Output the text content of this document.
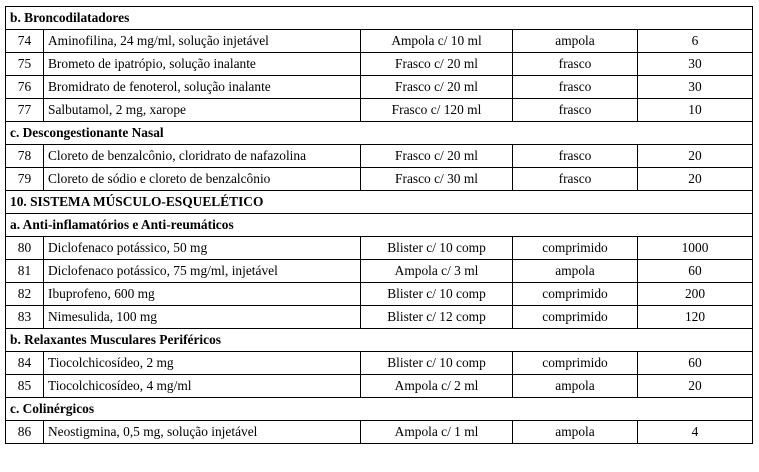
b. Broncodilatadores				
74	Aminofilina, 24 mg/ml, solução injetável	Ampola c/ 10 ml	ampola	6
75	Brometo de ipatrópio, solução inalante	Frasco c/ 20 ml	frasco	30
76	Bromidrato de fenoterol, solução inalante	Frasco c/ 20 ml	frasco	30
77	Salbutamol, 2 mg, xarope	Frasco c/ 120 ml	frasco	10
c. Descongestionante Nasal				
78	Cloreto de benzalcônio, cloridrato de nafazolina	Frasco c/ 20 ml	frasco	20
79	Cloreto de sódio e cloreto de benzalcônio	Frasco c/ 30 ml	frasco	20
10. SISTEMA MÚSCULO-ESQUELÉTICO				
a. Anti-inflamatórios e Anti-reumáticos				
80	Diclofenaco potássico, 50 mg	Blister c/ 10 comp	comprimido	1000
81	Diclofenaco potássico, 75 mg/ml, injetável	Ampola c/ 3 ml	ampola	60
82	Ibuprofeno, 600 mg	Blister c/ 10 comp	comprimido	200
83	Nimesulida, 100 mg	Blister c/ 12 comp	comprimido	120
b. Relaxantes Musculares Periféricos				
84	Tiocolchicosídeo, 2 mg	Blister c/ 10 comp	comprimido	60
85	Tiocolchicosídeo, 4 mg/ml	Ampola c/ 2 ml	ampola	20
c. Colinérgicos				
86	Neostigmina, 0,5 mg, solução injetável	Ampola c/ 1 ml	ampola	4
